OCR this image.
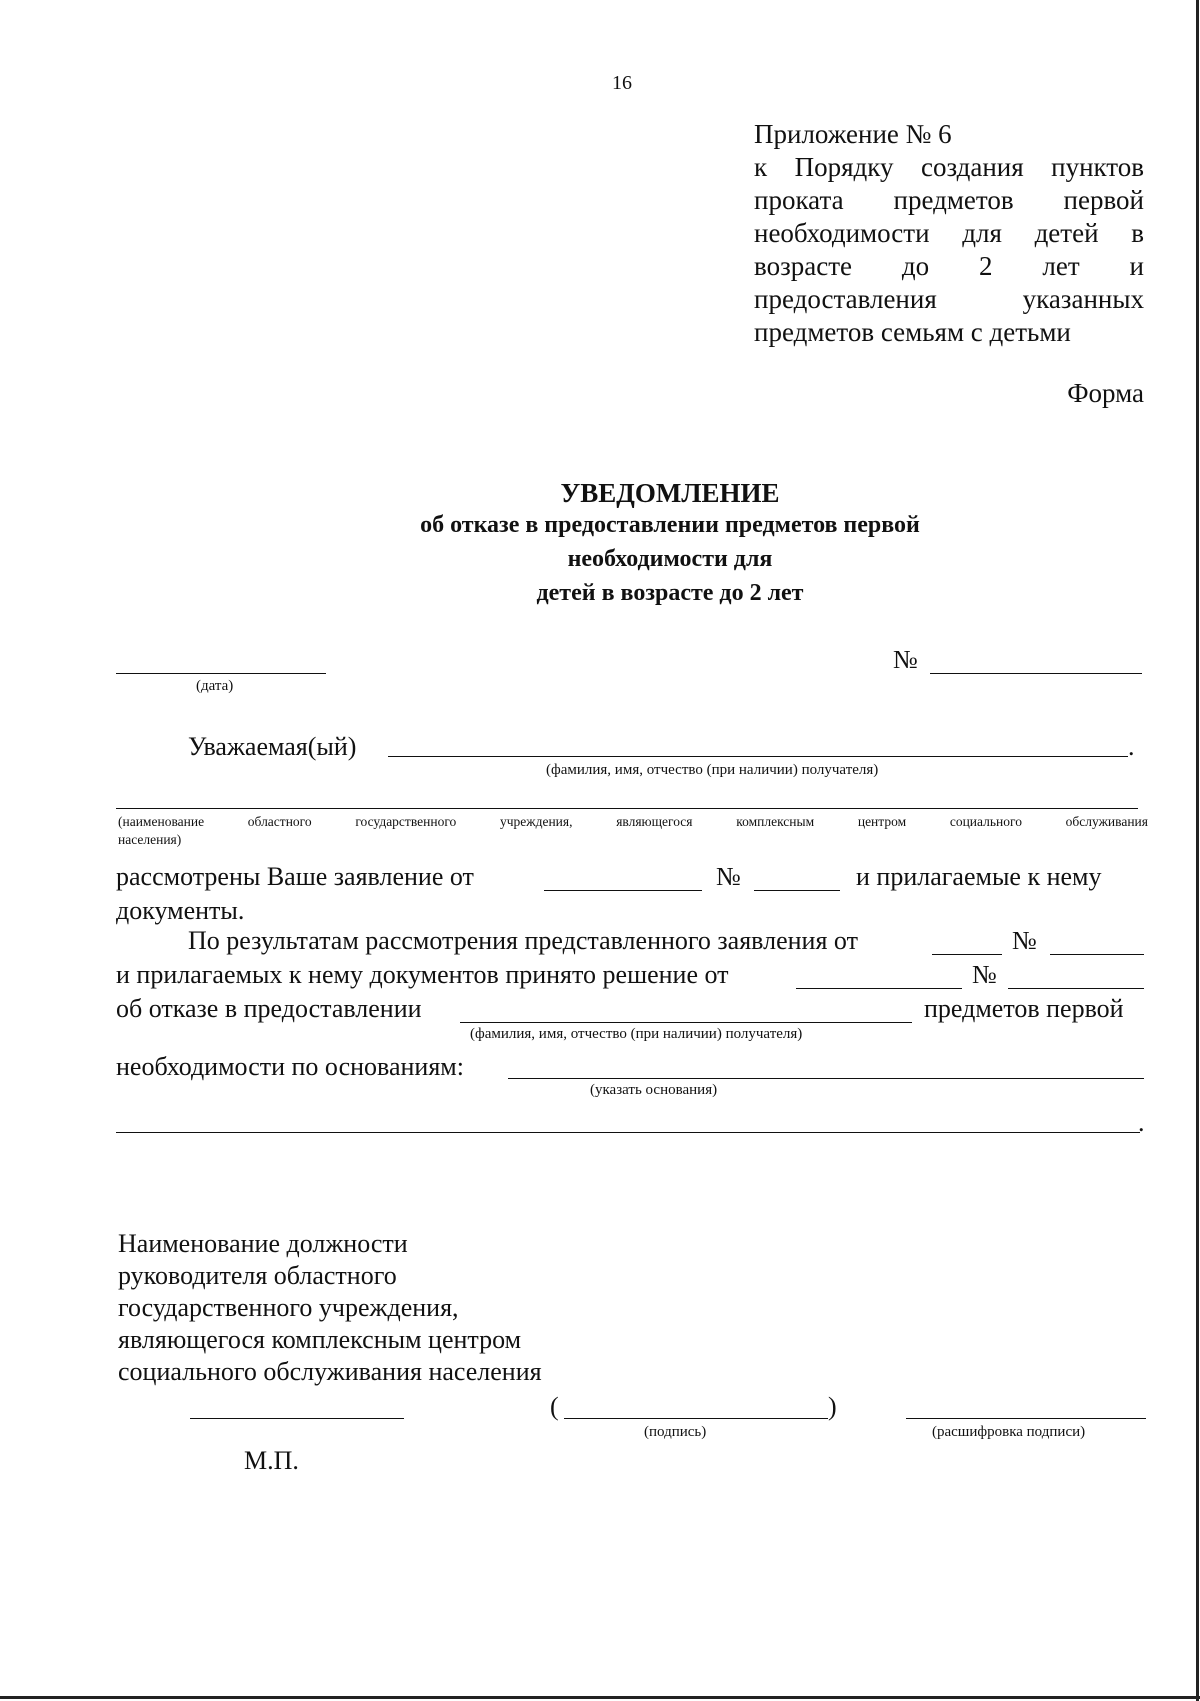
16
Приложение № 6
к Порядку создания пунктов
проката предметов первой
необходимости для детей в
возрасте до 2 лет и
предоставления указанных
предметов семьям с детьми
Форма
УВЕДОМЛЕНИЕ
об отказе в предоставлении предметов первой
необходимости для
детей в возрасте до 2 лет
(дата)
№
Уважаемая(ый)	.
(фамилия, имя, отчество (при наличии) получателя)
(наименование областного государственного учреждения, являющегося комплексным центром социального обслуживания
населения)
рассмотрены Ваше заявление от	№	и прилагаемые к нему
документы.
По результатам рассмотрения представленного заявления от	№
и прилагаемых к нему документов принято решение от	№
об отказе в предоставлении	предметов первой
(фамилия, имя, отчество (при наличии) получателя)
необходимости по основаниям:
(указать основания)
.
Наименование должности
руководителя областного
государственного учреждения,
являющегося комплексным центром
социального обслуживания населения
(	)
(подпись)	(расшифровка подписи)
М.П.
